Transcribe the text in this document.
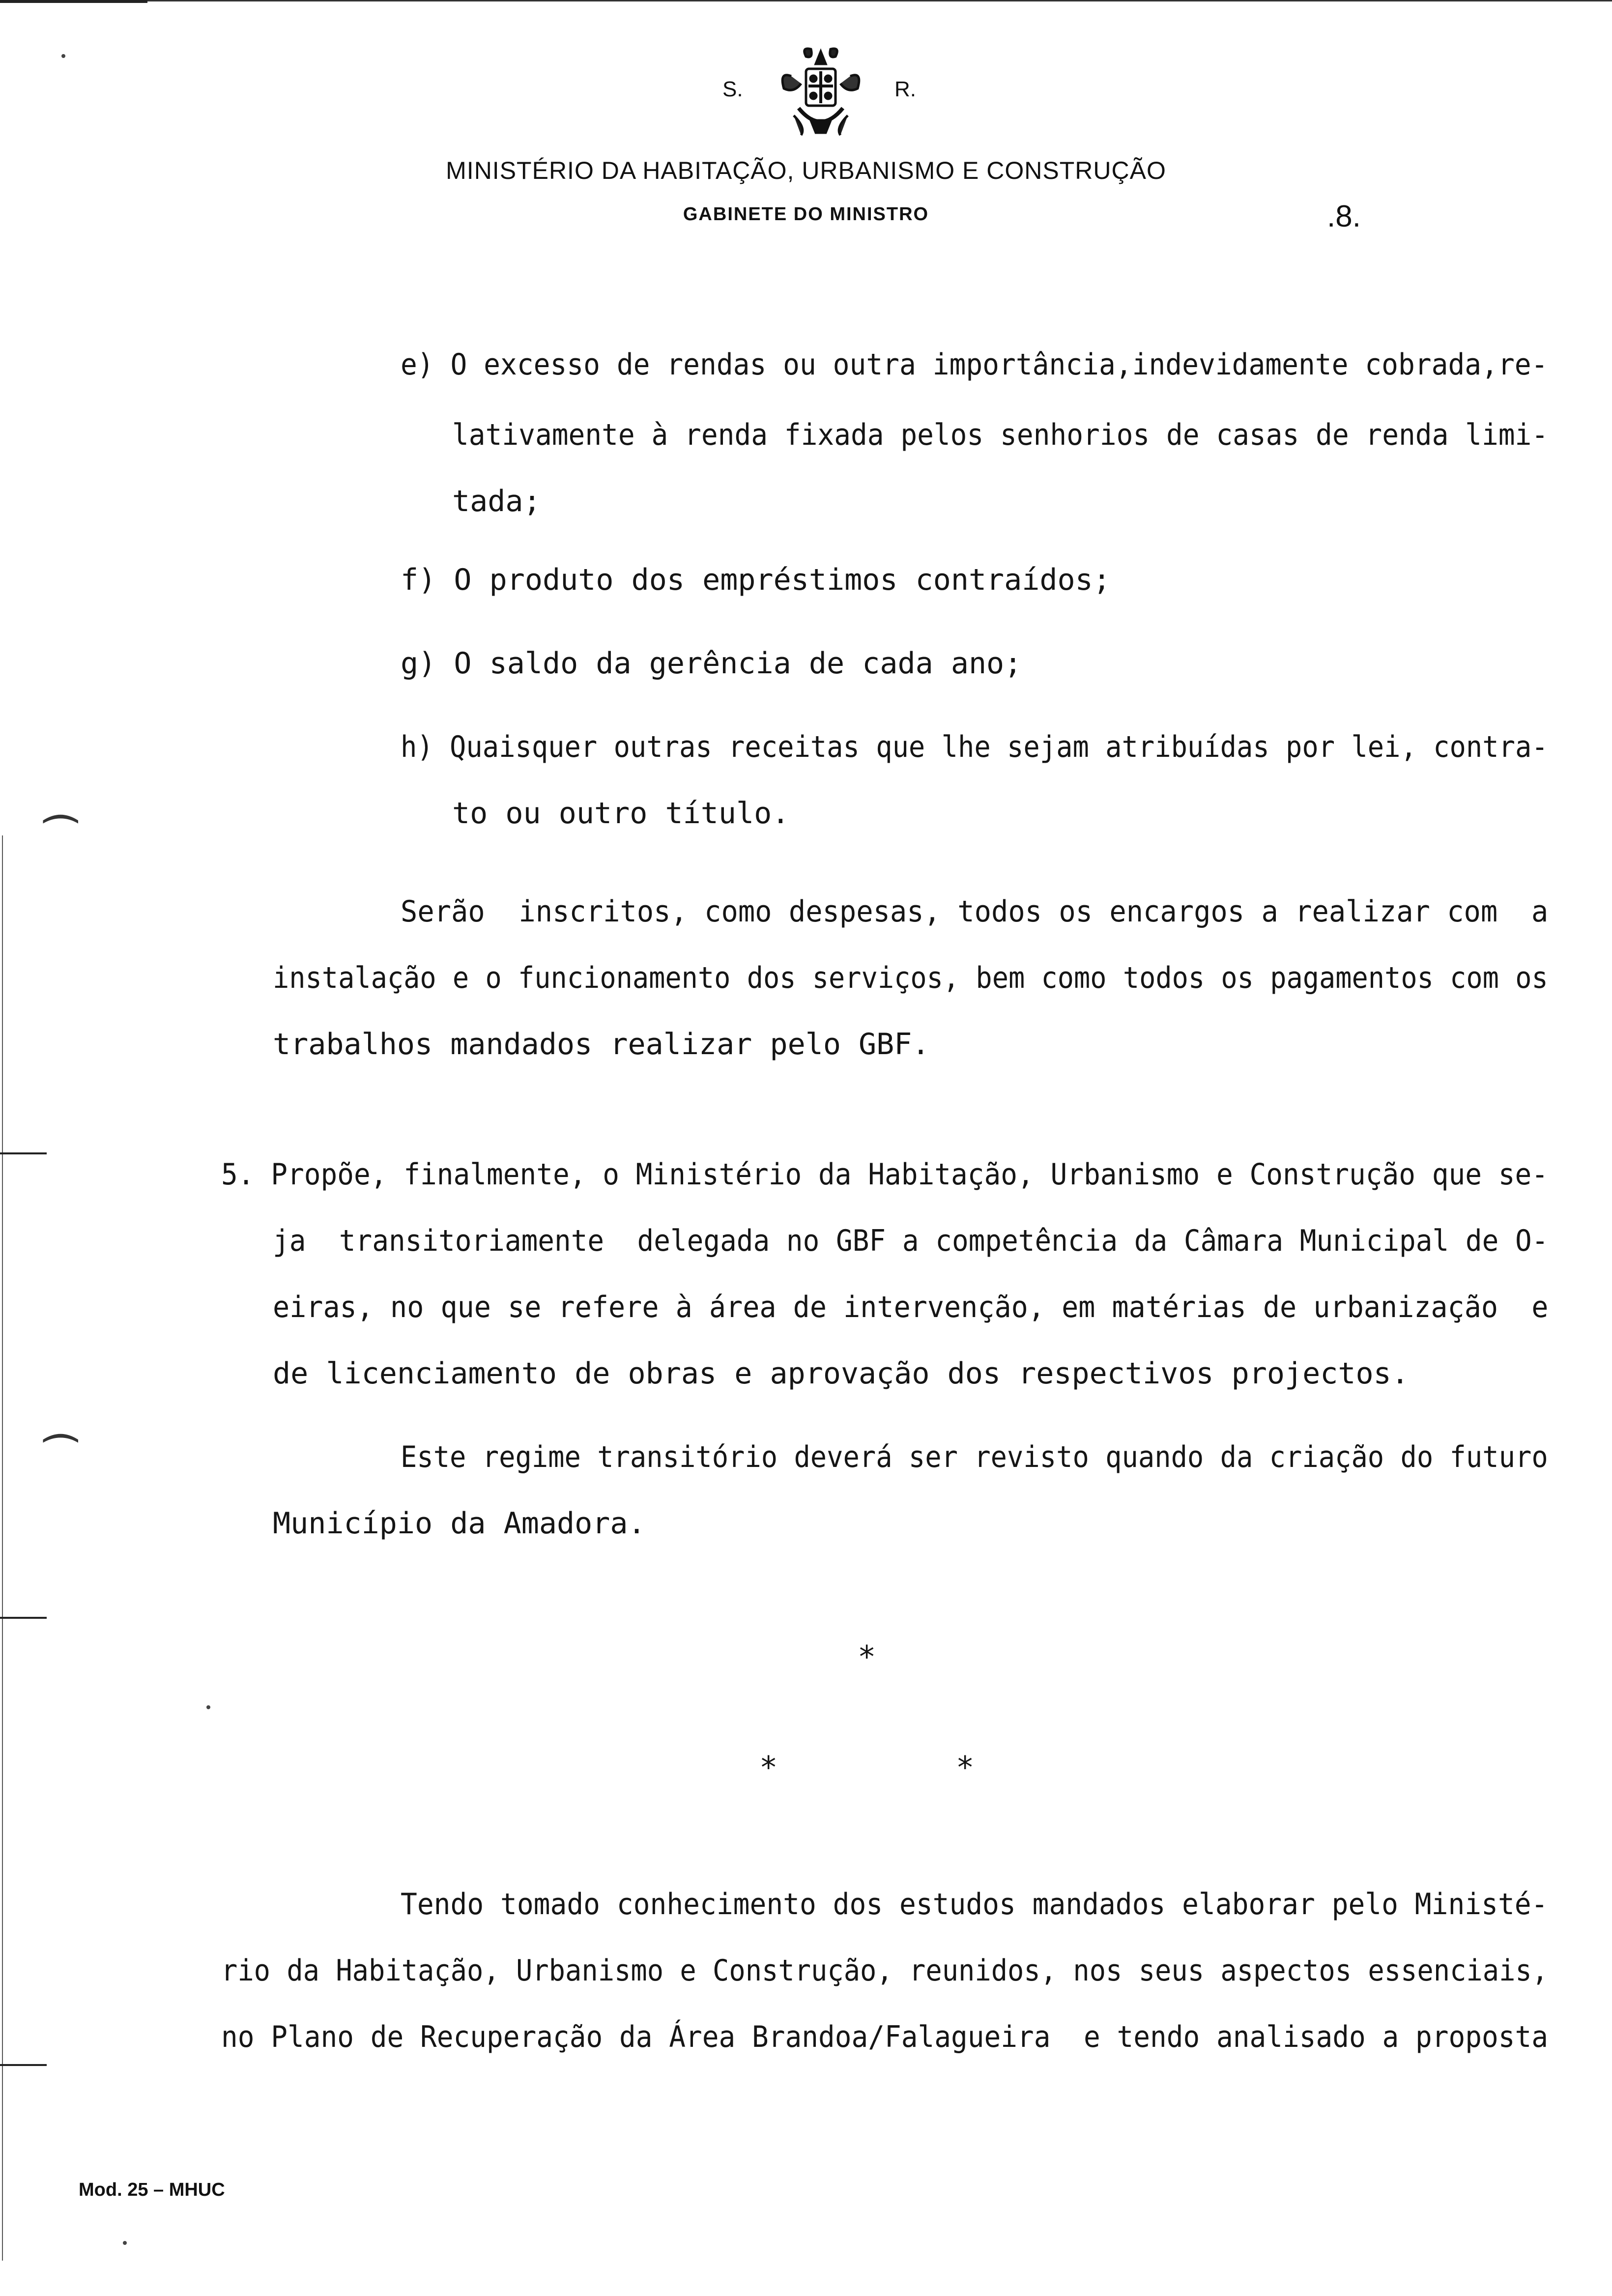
(
(
S.	R.
MINISTÉRIO DA HABITAÇÃO, URBANISMO E CONSTRUÇÃO
GABINETE DO MINISTRO	.8.
e) O excesso de rendas ou outra importância,indevidamente cobrada,re-
lativamente à renda fixada pelos senhorios de casas de renda limi-
tada;
f) O produto dos empréstimos contraídos;
g) O saldo da gerência de cada ano;
h) Quaisquer outras receitas que lhe sejam atribuídas por lei, contra-
to ou outro título.
Serão  inscritos, como despesas, todos os encargos a realizar com  a
instalação e o funcionamento dos serviços, bem como todos os pagamentos com os
trabalhos mandados realizar pelo GBF.
5. Propõe, finalmente, o Ministério da Habitação, Urbanismo e Construção que se-
ja  transitoriamente  delegada no GBF a competência da Câmara Municipal de O-
eiras, no que se refere à área de intervenção, em matérias de urbanização  e
de licenciamento de obras e aprovação dos respectivos projectos.
Este regime transitório deverá ser revisto quando da criação do futuro
Município da Amadora.
*
*	*
Tendo tomado conhecimento dos estudos mandados elaborar pelo Ministé-
rio da Habitação, Urbanismo e Construção, reunidos, nos seus aspectos essenciais,
no Plano de Recuperação da Área Brandoa/Falagueira  e tendo analisado a proposta
Mod. 25 – MHUC
